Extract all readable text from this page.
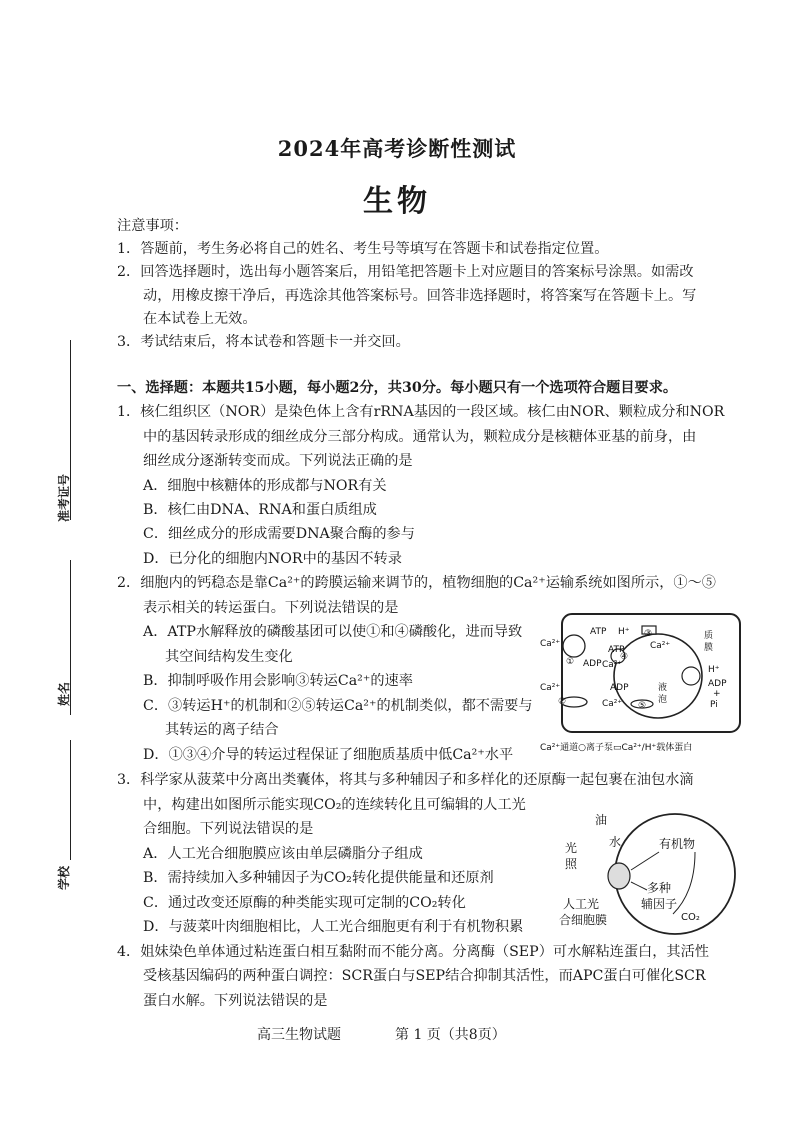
2024年高考诊断性测试
生物
注意事项：
1．答题前，考生务必将自己的姓名、考生号等填写在答题卡和试卷指定位置。
2．回答选择题时，选出每小题答案后，用铅笔把答题卡上对应题目的答案标号涂黑。如需改
动，用橡皮擦干净后，再选涂其他答案标号。回答非选择题时，将答案写在答题卡上。写
在本试卷上无效。
3．考试结束后，将本试卷和答题卡一并交回。
准考证号
姓名
学校
一、选择题：本题共15小题，每小题2分，共30分。每小题只有一个选项符合题目要求。
1．核仁组织区（NOR）是染色体上含有rRNA基因的一段区域。核仁由NOR、颗粒成分和NOR
中的基因转录形成的细丝成分三部分构成。通常认为，颗粒成分是核糖体亚基的前身，由
细丝成分逐渐转变而成。下列说法正确的是
A．细胞中核糖体的形成都与NOR有关
B．核仁由DNA、RNA和蛋白质组成
C．细丝成分的形成需要DNA聚合酶的参与
D．已分化的细胞内NOR中的基因不转录
2．细胞内的钙稳态是靠Ca²⁺的跨膜运输来调节的，植物细胞的Ca²⁺运输系统如图所示，①～⑤
表示相关的转运蛋白。下列说法错误的是
A．ATP水解释放的磷酸基团可以使①和④磷酸化，进而导致
其空间结构发生变化
B．抑制呼吸作用会影响③转运Ca²⁺的速率
C．③转运H⁺的机制和②⑤转运Ca²⁺的机制类似，都不需要与
其转运的离子结合
D．①③④介导的转运过程保证了细胞质基质中低Ca²⁺水平
Ca²⁺
ATP
ADP
①
Ca²⁺
②
H⁺ ③
Ca²⁺
ATP
Ca²⁺
④
ADP
Ca²⁺ ⑤
液
泡
质
膜
H⁺
ADP
+
Pi
Ca²⁺通道○离子泵▭Ca²⁺/H⁺载体蛋白
3．科学家从菠菜中分离出类囊体，将其与多种辅因子和多样化的还原酶一起包裹在油包水滴
中，构建出如图所示能实现CO₂的连续转化且可编辑的人工光
合细胞。下列说法错误的是
A．人工光合细胞膜应该由单层磷脂分子组成
B．需持续加入多种辅因子为CO₂转化提供能量和还原剂
C．通过改变还原酶的种类能实现可定制的CO₂转化
D．与菠菜叶肉细胞相比，人工光合细胞更有利于有机物积累
油
水
光
照
有机物
多种
辅因子
CO₂
人工光
合细胞膜
4．姐妹染色单体通过粘连蛋白相互黏附而不能分离。分离酶（SEP）可水解粘连蛋白，其活性
受核基因编码的两种蛋白调控：SCR蛋白与SEP结合抑制其活性，而APC蛋白可催化SCR
蛋白水解。下列说法错误的是
高三生物试题	第 1 页（共8页）
